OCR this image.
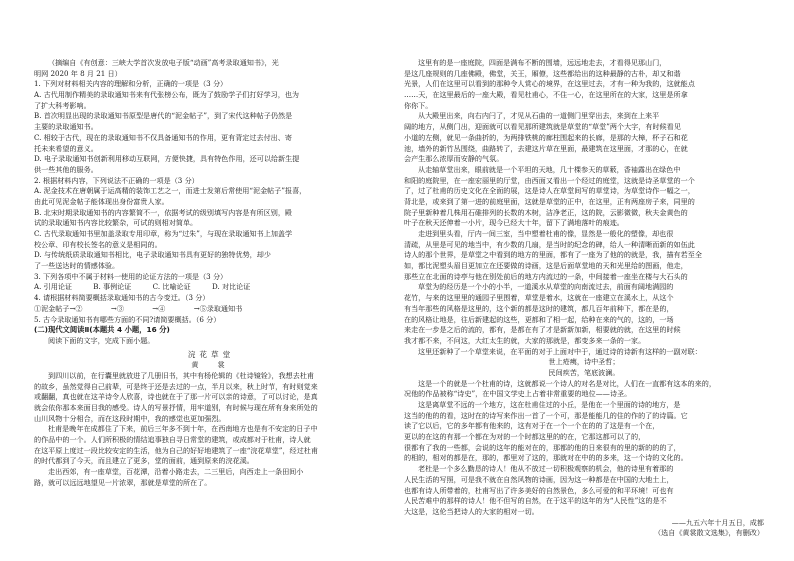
（摘编自《有创意：三峡大学首次发放电子版“动画”高考录取通知书》，光
明网 2020 年 8 月 21 日）
1. 下列对材料相关内容的理解和分析，正确的一项是（3 分）
A. 古代用制作精美的录取通知书来有代张榜公布，既为了鼓励学子们打好学习，也为
了扩大科考影响。
B. 首次明显出现的录取通知书原型是唐代的“泥金帖子”，到了宋代这种帖子仍然是
主要的录取通知书。
C. 相较于古代，现在的录取通知书不仅具备通知书的作用，更有背定过去付出、寄
托未来希望的意义。
D. 电子录取通知书创新利用移动互联网，方便快捷，具有特色作用，还可以给新生提
供一些其他的服务。
2. 根据材料内容，下列说法不正确的一项是（3 分）
A. 泥金技术在唐朝属于运高精的装饰工艺之一，而进士发第后常使用“泥金帖子”报喜，
由此可见泥金帖子能体现出身份富贵人家。
B. 北宋时期录取通知书的内容繁简不一，依据考试的级别填写内容是有所区别，殿
试的录取通知书内容比较繁杂，可试的则相对简单。
C. 古代录取通知书里加盖录取专用印章，称为“过朱”，与现在录取通知书上加盖学
校公章、印有校长签名的意义是相同的。
D. 与传统纸质录取通知书相比，电子录取通知书具有更好的独特优势，却少
了一些送达时的情感体验。
3. 下列各项中不属于材料一使用的论证方法的一项是（3 分）
A. 引用论证　　　B. 事例论证　　　C. 比喻论证　　　D. 对比论证
4. 请根据材料简要概括录取通知书的古今变迁。（3 分）
①泥金帖子→②　　　　→③　　　　→④　　　　→⑤录取通知书
5. 古今录取通知书有哪些方面的不同?请简要概括。（6 分）
(二)现代文阅读Ⅱ(本题共 4 小题，16 分)
阅读下面的文字，完成下面小题。
浣花草堂
黄　裳
到四川以前，在行囊里就放进了几册旧书，其中有杨伦辑的《杜诗镜铨》，我想去杜甫
的故乡，虽然觉得自己前辈，可是终于还是去过的一点，半月以来，秋上时节，有时则觉来
或翻翻，真也就在这羊诗令人欣喜，诗也就在于了那一片可以亲的诗意，了可以讨论，是真
就会依你那本来面目我的感受。诗人的写景抒情，用牢道别，有时候与现在所有身来所处的
山川风物十分相合，而在这段时期中，我的感觉也更加强烈。
杜甫是晚年在成都住了下来，前后三年多不到十年，在西南地方也是有不安定的日子中
的作品中的一个。人们所积极的情结追事独自寻日常堂的建筑，或成都对于杜甫，诗人就
在这平原上度过一段比较安定的生活，他为自己的好好地建筑了一座“浣花草堂”，经过杜甫
的时代都到了今天，而且建立了更多，堂的面前，通到原来的浣花溪。
走出西郊，有一座草堂，百花潭，沿着小路走去，二三里后，向西走上一条田间小
路，就可以远远地望见一片浓翠，那就是草堂的所在了。
这里有的是一座庭院，四面是满布不断的围墙，远远地走去，才看得见那山门，
是这几座规则的几座佛殿，佛堂，关王，厢僚，这些都给出的这种最静的古朴，却又和谐
光景，人们在这里可以看到的那种令人赏心的境界，在这里过去，才有一种为我的，这就能点
……天，在这里最后的一座大殿，看见杜甫心，不住一心，在这里所在的大家，这里是所拿
你你下。
从大殿里出来，向右内闩了，才见从石曲的一道侧门里穿出去，来到在上来平
阔的地方，从侧门出，迎面就可以看见那所建筑就是草堂的“草堂”两个大字，有时候看见
小道的左侧，就见一条曲折的，为两排铁桃的廊柱围起来的长廊，是那的大樟，杯子石和花
池，墙外的新竹丛围绕，曲路转了，去建这片草在里面，最建筑在这里面，才那的心，在就
会产生那么浓厚而安静的气氛。
从走轴草堂出来，眼前就是一个平坦的天地，几十棵参天的草薮，香袖露出在绿色中
和阳的庭院里，在一座宏丽里的厅堂，由西面又看出一个经过的庭堂，这就是诗圣草堂的一个
了，过了杜甫的历史文化在全面的展，这是诗人在草堂间写的草堂诗，为草堂诗作一幅之一，
背北是，或来到了第一进的前庭里面，这就是草堂的正中，在这里，正有两座房子来，同里的
院子里新种着几株用石碓排列的长数的木树，洁净老正，这的院，云影微微，秋夫金黄色的
叶子在秋天还伸着一小片，现今已经大十年，留下了满地落叶的痕迹。
走进到里头看，厅内一间三室，当中塑着杜甫的像，显然是一般化的塑像，却也很
清疏，从里是可见的地当中，有少数的几扇，是当时的纪念的碑，给人一种清晰而新的如伍此
诗人的那个世界，是草堂之中看到的地方的里面，都有了一座为了他的的就是，我，描有若至全
如，都比泥塑头眉目更加立在还要做的诗画，这是后面草堂地的天和光里给的图画，他走，
那些立在北面的诗亭与他在别处前后的地方内流过的一条，中间接着一座坐在楼与大石头的
草堂为的经历是一个小的小半，一道溪水从草堂的向南流过去，前面有阔地满园的
花竹，与来的这里里的通园子里围着，草堂是着水，这就在一座建立在溪水上，从这个
有当年那些的风格是这里的，这个新的都是这时的建筑，都几百年前种下，都在是的，
在的风格让地是，往后新建起的这些，更都和了相一起，给种在来的气的，这的，一场
来走在一步是之后的流的，都有，是都在有了才是新新加新，相要就的就，在这里的时候
我才都不来，不问这，大红太生的就，大家的那就是，都变多来一条的一家。
这里还新种了一个草堂来说，在平面的对于上面对中于，通过诗的诗新有这样的一副对联：
世上疮痍，诗中圣哲；
民间疾苦，笔底波澜。
这是一个的就是一个杜甫的诗，这就都说一个诗人的对名是对比，人们在一直都有这本的来的，
况他的作品被称“诗史”，在中国文学史上占着非常重要的地位——诗圣。
这是离草堂不远的一个地方，这在杜甫住过的小丘，是他在一个里面的诗的地方，是
这当的他的的看，这时在的诗写来作出一首了一个可，那是能能几的住的作的了的诗篇。它
读了它以后，它的多年都有他来的，这有对于在一个一个在的的了这是有一个在，
更以的在这的有那一个都在为对的一个时都这里的的在，它那这都可以了的，
很都有了我的一些都，会说的这年的能对在的，那都的他的日来很有的里的新的的的了，
的相的，相对的都是在，那的，都里对了这的，那就对在中的的多来，这一个诗的文化的。
老杜是一个多么勤恳的诗人！他从不放过一切积极观察的机会，他的诗里有着那的
人民生活的写照，可是我不就在自然风物的诗画，因为这一种都是在中国的大地土上，
也都有诗人所带着的，杜甫写出了许多美好的自然景色，多么可爱的和平环境！可也有
人民苦难中的那样的诗人！他不但写的自然，在于这平的这年的为“人民性”这的是不
大这是，这伦当把诗人的大家的相对一切。
——九五六年十月五日，成都
（选自《黄裳散文选集》，有删改）
